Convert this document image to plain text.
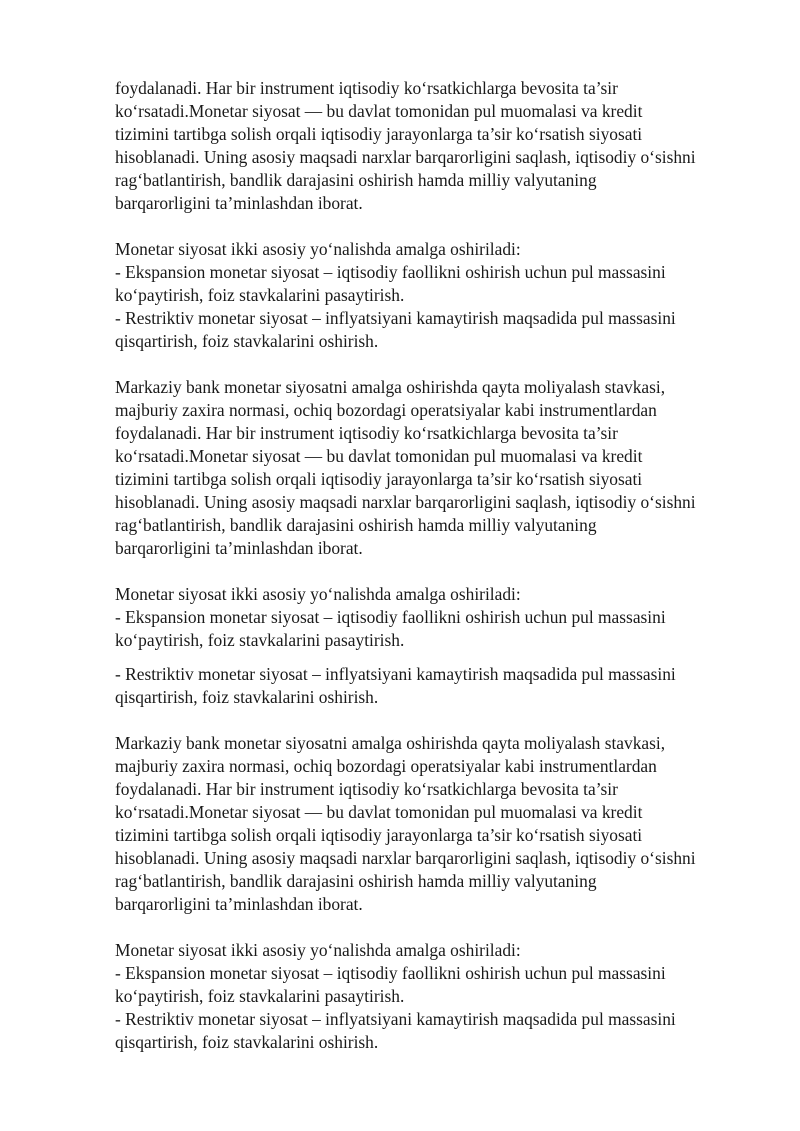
foydalanadi. Har bir instrument iqtisodiy ko‘rsatkichlarga bevosita ta’sir
ko‘rsatadi.Monetar siyosat — bu davlat tomonidan pul muomalasi va kredit
tizimini tartibga solish orqali iqtisodiy jarayonlarga ta’sir ko‘rsatish siyosati
hisoblanadi. Uning asosiy maqsadi narxlar barqarorligini saqlash, iqtisodiy o‘sishni
rag‘batlantirish, bandlik darajasini oshirish hamda milliy valyutaning
barqarorligini ta’minlashdan iborat.
Monetar siyosat ikki asosiy yo‘nalishda amalga oshiriladi:
- Ekspansion monetar siyosat – iqtisodiy faollikni oshirish uchun pul massasini
ko‘paytirish, foiz stavkalarini pasaytirish.
- Restriktiv monetar siyosat – inflyatsiyani kamaytirish maqsadida pul massasini
qisqartirish, foiz stavkalarini oshirish.
Markaziy bank monetar siyosatni amalga oshirishda qayta moliyalash stavkasi,
majburiy zaxira normasi, ochiq bozordagi operatsiyalar kabi instrumentlardan
foydalanadi. Har bir instrument iqtisodiy ko‘rsatkichlarga bevosita ta’sir
ko‘rsatadi.Monetar siyosat — bu davlat tomonidan pul muomalasi va kredit
tizimini tartibga solish orqali iqtisodiy jarayonlarga ta’sir ko‘rsatish siyosati
hisoblanadi. Uning asosiy maqsadi narxlar barqarorligini saqlash, iqtisodiy o‘sishni
rag‘batlantirish, bandlik darajasini oshirish hamda milliy valyutaning
barqarorligini ta’minlashdan iborat.
Monetar siyosat ikki asosiy yo‘nalishda amalga oshiriladi:
- Ekspansion monetar siyosat – iqtisodiy faollikni oshirish uchun pul massasini
ko‘paytirish, foiz stavkalarini pasaytirish.
- Restriktiv monetar siyosat – inflyatsiyani kamaytirish maqsadida pul massasini
qisqartirish, foiz stavkalarini oshirish.
Markaziy bank monetar siyosatni amalga oshirishda qayta moliyalash stavkasi,
majburiy zaxira normasi, ochiq bozordagi operatsiyalar kabi instrumentlardan
foydalanadi. Har bir instrument iqtisodiy ko‘rsatkichlarga bevosita ta’sir
ko‘rsatadi.Monetar siyosat — bu davlat tomonidan pul muomalasi va kredit
tizimini tartibga solish orqali iqtisodiy jarayonlarga ta’sir ko‘rsatish siyosati
hisoblanadi. Uning asosiy maqsadi narxlar barqarorligini saqlash, iqtisodiy o‘sishni
rag‘batlantirish, bandlik darajasini oshirish hamda milliy valyutaning
barqarorligini ta’minlashdan iborat.
Monetar siyosat ikki asosiy yo‘nalishda amalga oshiriladi:
- Ekspansion monetar siyosat – iqtisodiy faollikni oshirish uchun pul massasini
ko‘paytirish, foiz stavkalarini pasaytirish.
- Restriktiv monetar siyosat – inflyatsiyani kamaytirish maqsadida pul massasini
qisqartirish, foiz stavkalarini oshirish.
